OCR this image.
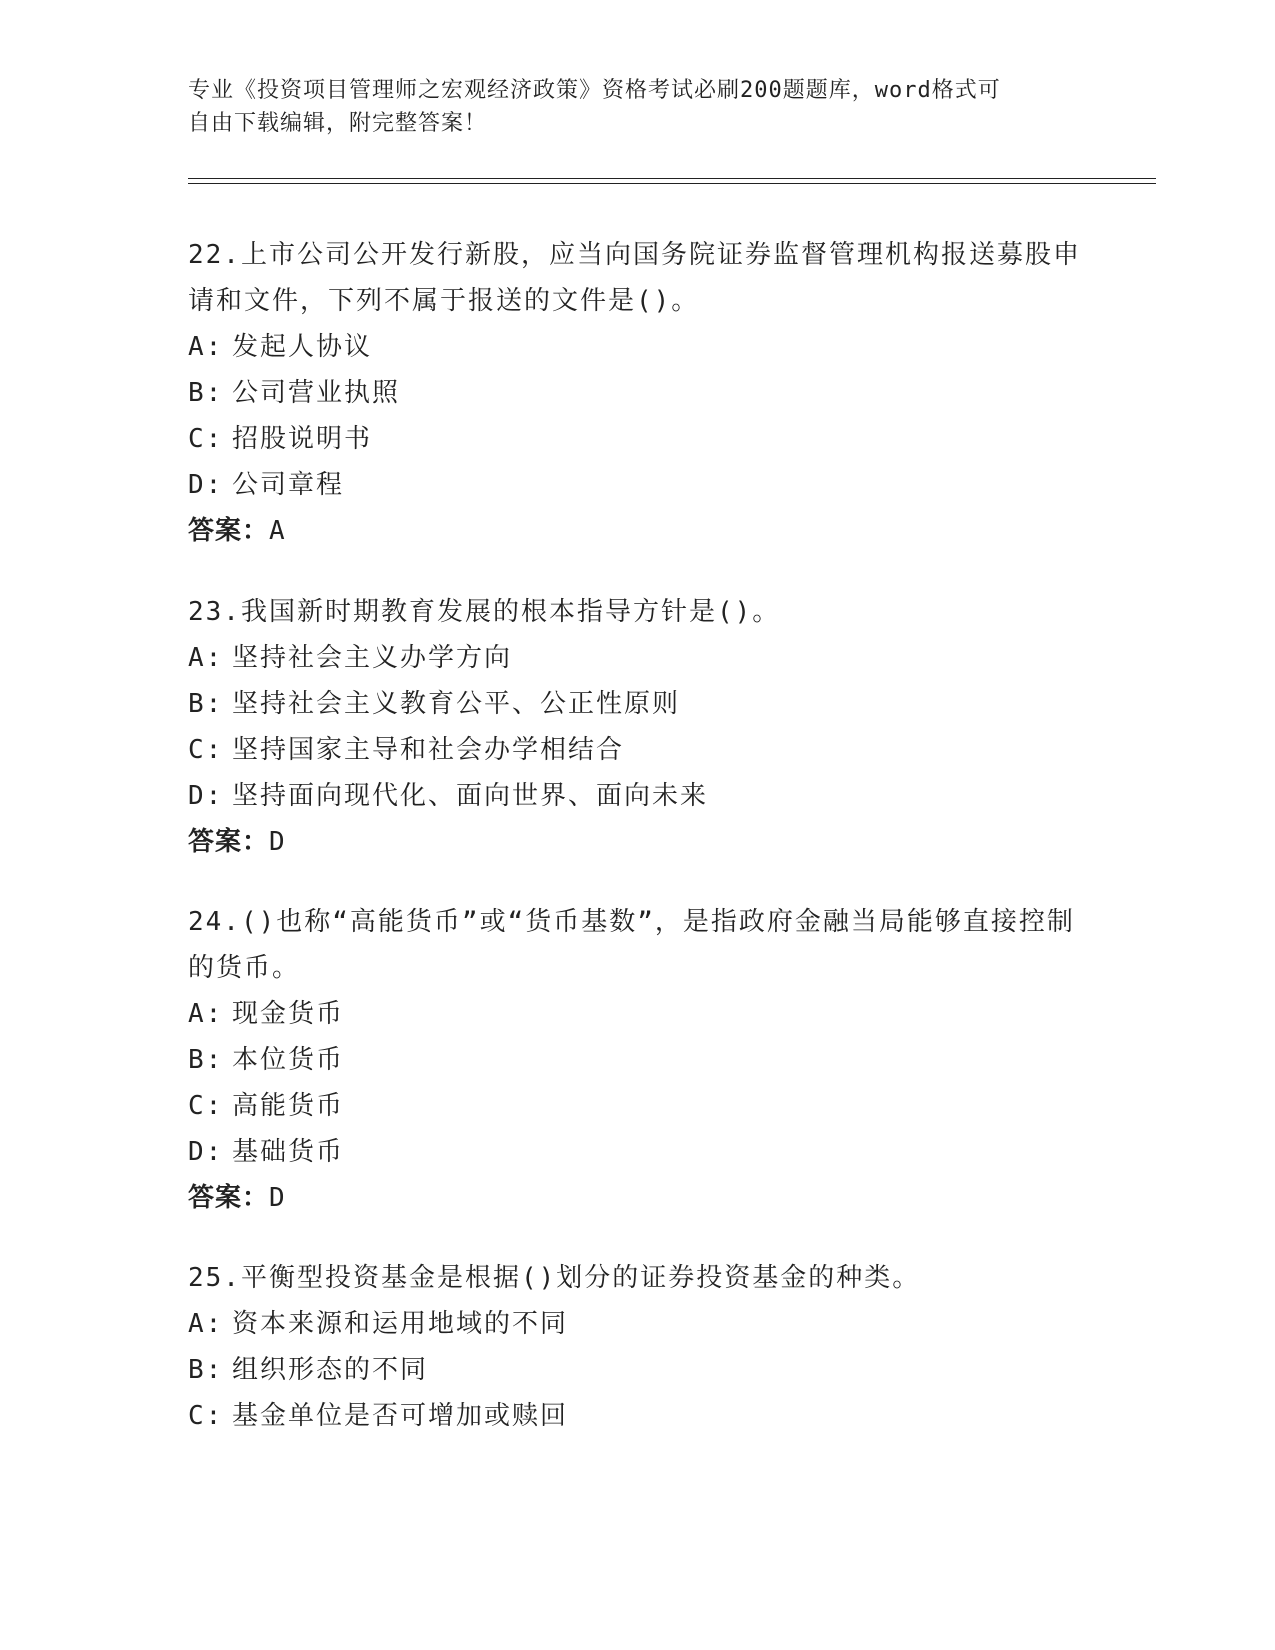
专业《投资项目管理师之宏观经济政策》资格考试必刷200题题库，word格式可
自由下载编辑，附完整答案！

22.上市公司公开发行新股，应当向国务院证券监督管理机构报送募股申请和文件，下列不属于报送的文件是()。

A: 发起人协议

B: 公司营业执照

C: 招股说明书

D: 公司章程

答案：A

23.我国新时期教育发展的根本指导方针是()。

A: 坚持社会主义办学方向

B: 坚持社会主义教育公平、公正性原则

C: 坚持国家主导和社会办学相结合

D: 坚持面向现代化、面向世界、面向未来

答案：D

24.()也称“高能货币”或“货币基数”，是指政府金融当局能够直接控制的货币。

A: 现金货币

B: 本位货币

C: 高能货币

D: 基础货币

答案：D

25.平衡型投资基金是根据()划分的证券投资基金的种类。

A: 资本来源和运用地域的不同

B: 组织形态的不同

C: 基金单位是否可增加或赎回
